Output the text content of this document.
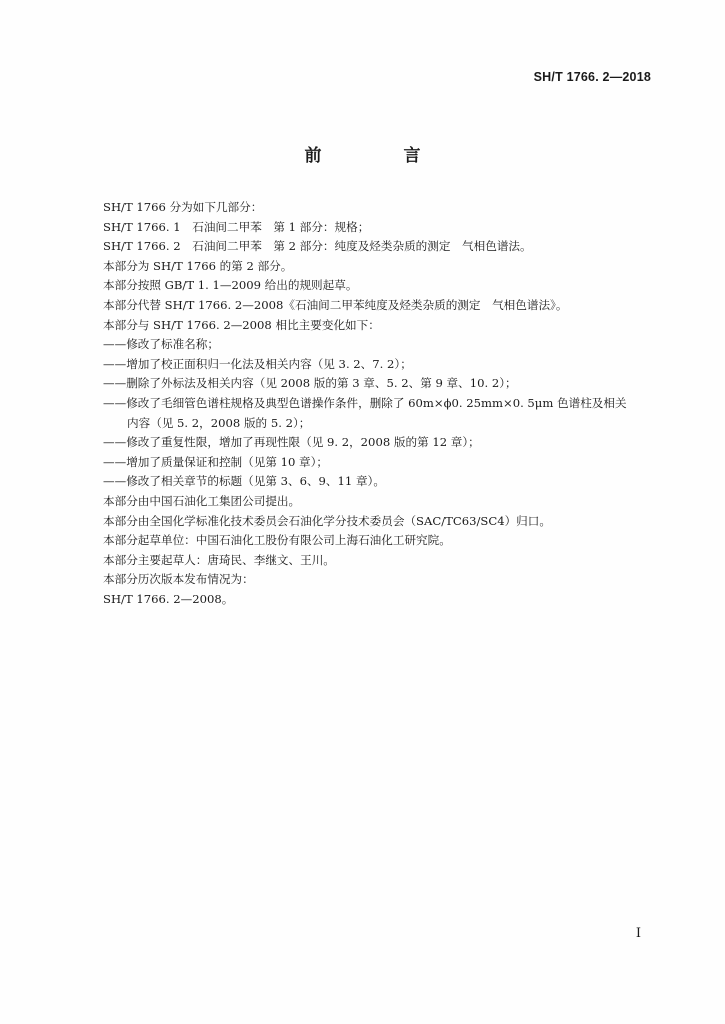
SH/T 1766. 2—2018
前 言

SH/T 1766 分为如下几部分：

SH/T 1766. 1　石油间二甲苯　第 1 部分：规格；

SH/T 1766. 2　石油间二甲苯　第 2 部分：纯度及烃类杂质的测定　气相色谱法。

本部分为 SH/T 1766 的第 2 部分。

本部分按照 GB/T 1. 1—2009 给出的规则起草。

本部分代替 SH/T 1766. 2—2008《石油间二甲苯纯度及烃类杂质的测定　气相色谱法》。

本部分与 SH/T 1766. 2—2008 相比主要变化如下：

——修改了标准名称；

——增加了校正面积归一化法及相关内容（见 3. 2、7. 2）；

——删除了外标法及相关内容（见 2008 版的第 3 章、5. 2、第 9 章、10. 2）；

——修改了毛细管色谱柱规格及典型色谱操作条件，删除了 60m×ϕ0. 25mm×0. 5μm 色谱柱及相关

内容（见 5. 2，2008 版的 5. 2）；

——修改了重复性限，增加了再现性限（见 9. 2，2008 版的第 12 章）；

——增加了质量保证和控制（见第 10 章）；

——修改了相关章节的标题（见第 3、6、9、11 章）。

本部分由中国石油化工集团公司提出。

本部分由全国化学标准化技术委员会石油化学分技术委员会（SAC/TC63/SC4）归口。

本部分起草单位：中国石油化工股份有限公司上海石油化工研究院。

本部分主要起草人：唐琦民、李继文、王川。

本部分历次版本发布情况为：

SH/T 1766. 2—2008。

I
